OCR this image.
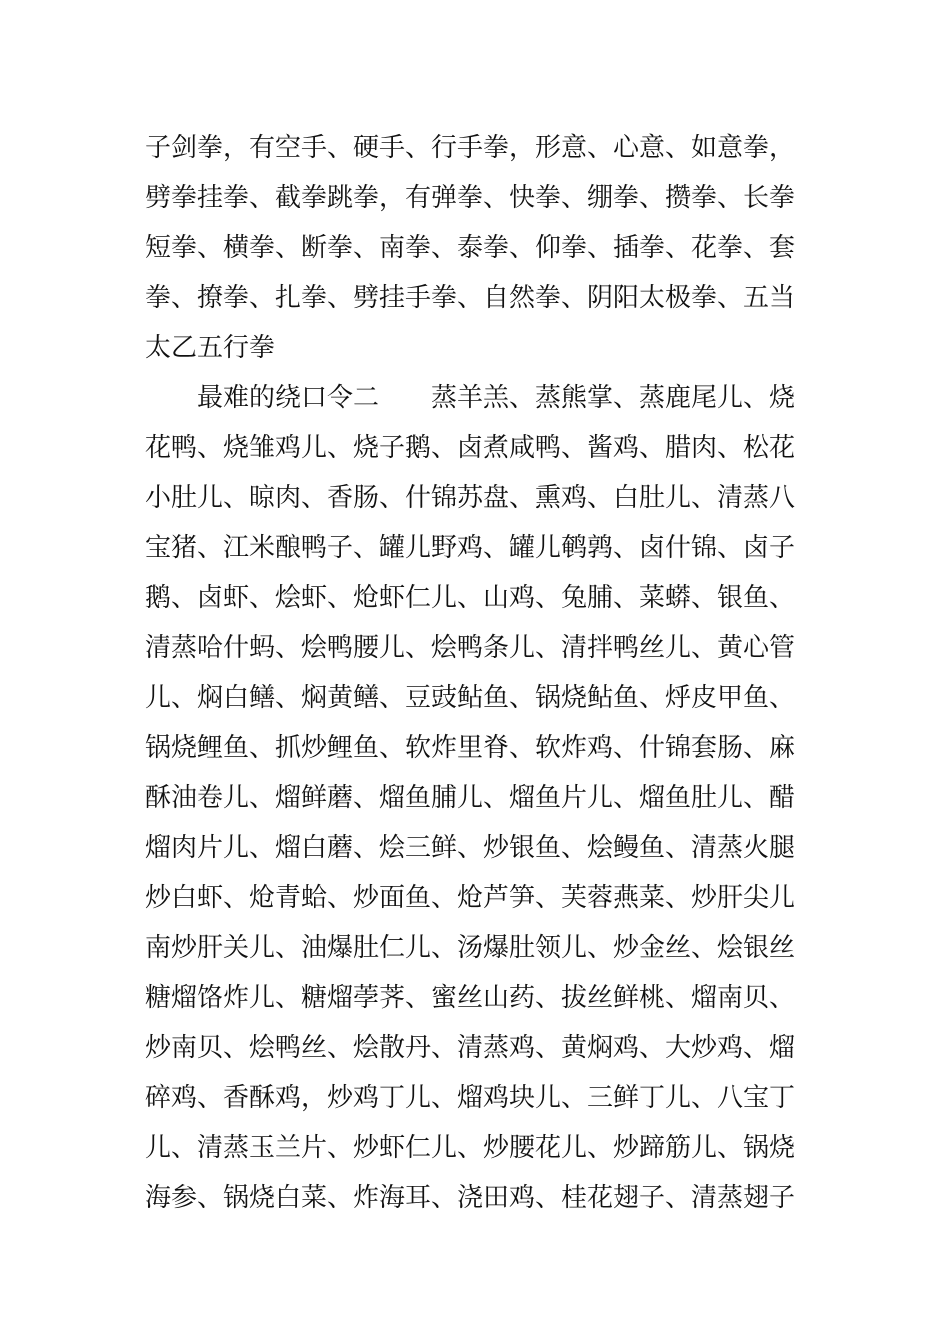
子剑拳，有空手、硬手、行手拳，形意、心意、如意拳，
劈拳挂拳、截拳跳拳，有弹拳、快拳、绷拳、攒拳、长拳
短拳、横拳、断拳、南拳、泰拳、仰拳、插拳、花拳、套
拳、撩拳、扎拳、劈挂手拳、自然拳、阴阳太极拳、五当
太乙五行拳
最难的绕口令二 蒸羊羔、蒸熊掌、蒸鹿尾儿、烧
花鸭、烧雏鸡儿、烧子鹅、卤煮咸鸭、酱鸡、腊肉、松花
小肚儿、晾肉、香肠、什锦苏盘、熏鸡、白肚儿、清蒸八
宝猪、江米酿鸭子、罐儿野鸡、罐儿鹌鹑、卤什锦、卤子
鹅、卤虾、烩虾、炝虾仁儿、山鸡、兔脯、菜蟒、银鱼、
清蒸哈什蚂、烩鸭腰儿、烩鸭条儿、清拌鸭丝儿、黄心管
儿、焖白鳝、焖黄鳝、豆豉鲇鱼、锅烧鲇鱼、烀皮甲鱼、
锅烧鲤鱼、抓炒鲤鱼、软炸里脊、软炸鸡、什锦套肠、麻
酥油卷儿、熘鲜蘑、熘鱼脯儿、熘鱼片儿、熘鱼肚儿、醋
熘肉片儿、熘白蘑、烩三鲜、炒银鱼、烩鳗鱼、清蒸火腿
炒白虾、炝青蛤、炒面鱼、炝芦笋、芙蓉燕菜、炒肝尖儿
南炒肝关儿、油爆肚仁儿、汤爆肚领儿、炒金丝、烩银丝
糖熘饹炸儿、糖熘荸荠、蜜丝山药、拔丝鲜桃、熘南贝、
炒南贝、烩鸭丝、烩散丹、清蒸鸡、黄焖鸡、大炒鸡、熘
碎鸡、香酥鸡，炒鸡丁儿、熘鸡块儿、三鲜丁儿、八宝丁
儿、清蒸玉兰片、炒虾仁儿、炒腰花儿、炒蹄筋儿、锅烧
海参、锅烧白菜、炸海耳、浇田鸡、桂花翅子、清蒸翅子
